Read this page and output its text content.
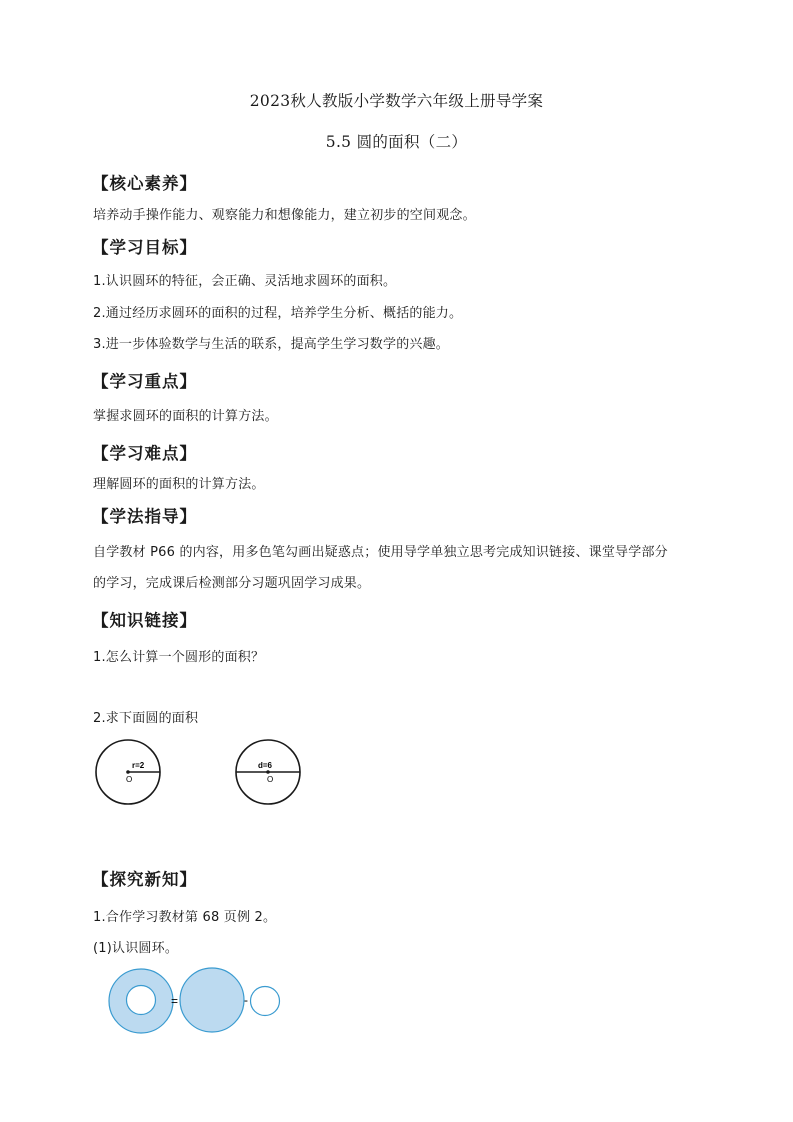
2023秋人教版小学数学六年级上册导学案
5.5 圆的面积（二）
【核心素养】
培养动手操作能力、观察能力和想像能力，建立初步的空间观念。
【学习目标】
1.认识圆环的特征，会正确、灵活地求圆环的面积。
2.通过经历求圆环的面积的过程，培养学生分析、概括的能力。
3.进一步体验数学与生活的联系，提高学生学习数学的兴趣。
【学习重点】
掌握求圆环的面积的计算方法。
【学习难点】
理解圆环的面积的计算方法。
【学法指导】
自学教材 P66 的内容，用多色笔勾画出疑惑点；使用导学单独立思考完成知识链接、课堂导学部分
的学习，完成课后检测部分习题巩固学习成果。
【知识链接】
1.怎么计算一个圆形的面积？
2.求下面圆的面积
r=2
O
d=6
O
【探究新知】
1.合作学习教材第 68 页例 2。
(1)认识圆环。
=	-
